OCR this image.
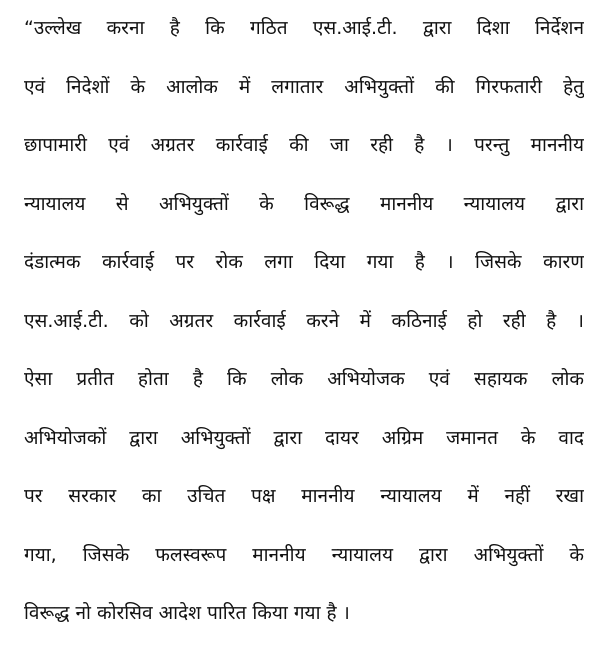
“उल्लेख करना है कि गठित एस.आई.टी. द्वारा दिशा निर्देशन
एवं निदेशों के आलोक में लगातार अभियुक्तों की गिरफतारी हेतु
छापामारी एवं अग्रतर कार्रवाई की जा रही है । परन्तु माननीय
न्यायालय से अभियुक्तों के विरूद्ध माननीय न्यायालय द्वारा
दंडात्मक कार्रवाई पर रोक लगा दिया गया है । जिसके कारण
एस.आई.टी. को अग्रतर कार्रवाई करने में कठिनाई हो रही है ।
ऐसा प्रतीत होता है कि लोक अभियोजक एवं सहायक लोक
अभियोजकों द्वारा अभियुक्तों द्वारा दायर अग्रिम जमानत के वाद
पर सरकार का उचित पक्ष माननीय न्यायालय में नहीं रखा
गया, जिसके फलस्वरूप माननीय न्यायालय द्वारा अभियुक्तों के
विरूद्ध नो कोरसिव आदेश पारित किया गया है ।
